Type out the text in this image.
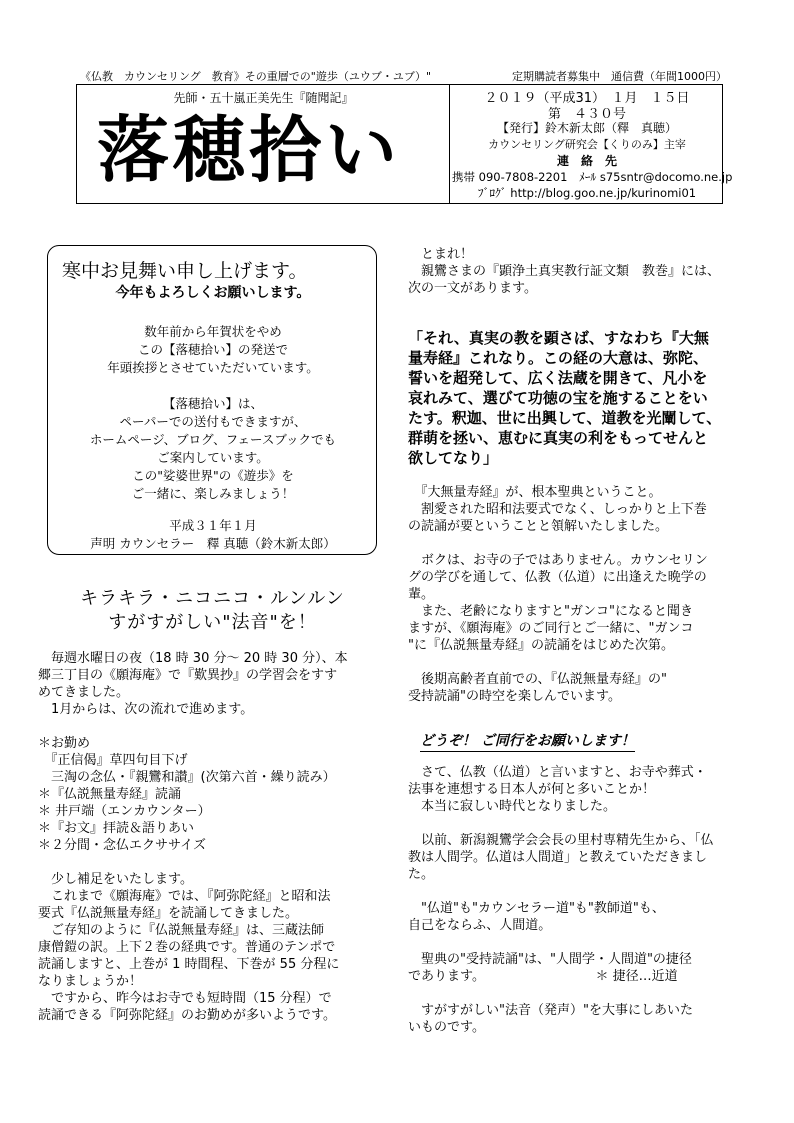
《仏教　カウンセリング　教育》その重層での"遊歩（ユウブ・ユブ）"	定期購読者募集中　通信費（年間1000円）
先師・五十嵐正美先生『随聞記』
落穂拾い
２０１９（平成31）　１月　１５日
第　４３０号
【発行】鈴木新太郎（釋　真聴）
カウンセリング研究会【くりのみ】主宰
連　絡　先
携帯 090-7808-2201　ﾒｰﾙ s75sntr@docomo.ne.jp
ﾌﾞﾛｸﾞ http://blog.goo.ne.jp/kurinomi01
寒中お見舞い申し上げます。
今年もよろしくお願いします。
数年前から年賀状をやめ
この【落穂拾い】の発送で
年頭挨拶とさせていただいています。
【落穂拾い】は、
ペーパーでの送付もできますが、
ホームページ、ブログ、フェースブックでも
ご案内しています。
この"娑婆世界"の《遊歩》を
ご一緒に、楽しみましょう！
平成３１年１月
声明 カウンセラー　釋 真聴（鈴木新太郎）
キラキラ・ニコニコ・ルンルン
すがすがしい"法音"を！

　毎週水曜日の夜（18 時 30 分～ 20 時 30 分）、本

郷三丁目の《願海庵》で『歎異抄』の学習会をすす

めてきました。

　1月からは、次の流れで進めます。

＊お勤め

　『正信偈』草四句目下げ

　三淘の念仏・『親鸞和讃』(次第六首・繰り読み）

＊『仏説無量寿経』読誦

＊ 井戸端（エンカウンター）

＊『お文』拝読＆語りあい

＊２分間・念仏エクササイズ

　少し補足をいたします。

　これまで《願海庵》では、『阿弥陀経』と昭和法

要式『仏説無量寿経』を読誦してきました。

　ご存知のように『仏説無量寿経』は、三蔵法師

康僧鎧の訳。上下２巻の経典です。普通のテンポで

読誦しますと、上巻が 1 時間程、下巻が 55 分程に

なりましょうか！

　ですから、昨今はお寺でも短時間（15 分程）で

読誦できる『阿弥陀経』のお勤めが多いようです。

　とまれ！

　親鸞さまの『顕浄土真実教行証文類　教巻』には、

次の一文があります。

「それ、真実の教を顕さば、すなわち『大無

量寿経』これなり。この経の大意は、弥陀、

誓いを超発して、広く法蔵を開きて、凡小を

哀れみて、選びて功徳の宝を施することをい

たす。釈迦、世に出興して、道教を光闡して、

群萌を拯い、恵むに真実の利をもってせんと

欲してなり」

　『大無量寿経』が、根本聖典ということ。

　割愛された昭和法要式でなく、しっかりと上下巻

の読誦が要ということと領解いたしました。

　ボクは、お寺の子ではありません。カウンセリン

グの学びを通して、仏教（仏道）に出逢えた晩学の

輩。

　また、老齢になりますと"ガンコ"になると聞き

ますが、《願海庵》のご同行とご一緒に、"ガンコ

"に『仏説無量寿経』の読誦をはじめた次第。

　後期高齢者直前での、『仏説無量寿経』の"

受持読誦"の時空を楽しんでいます。

どうぞ！ ご同行をお願いします！

　さて、仏教（仏道）と言いますと、お寺や葬式・

法事を連想する日本人が何と多いことか！

　本当に寂しい時代となりました。

　以前、新潟親鸞学会会長の里村専精先生から、「仏

教は人間学。仏道は人間道」と教えていただきまし

た。

　"仏道"も"カウンセラー道"も"教師道"も、

自己をならふ、人間道。

　聖典の"受持読誦"は、"人間学・人間道"の捷径

であります。　　　　　　　　　＊ 捷径…近道

　すがすがしい"法音（発声）"を大事にしあいた

いものです。
